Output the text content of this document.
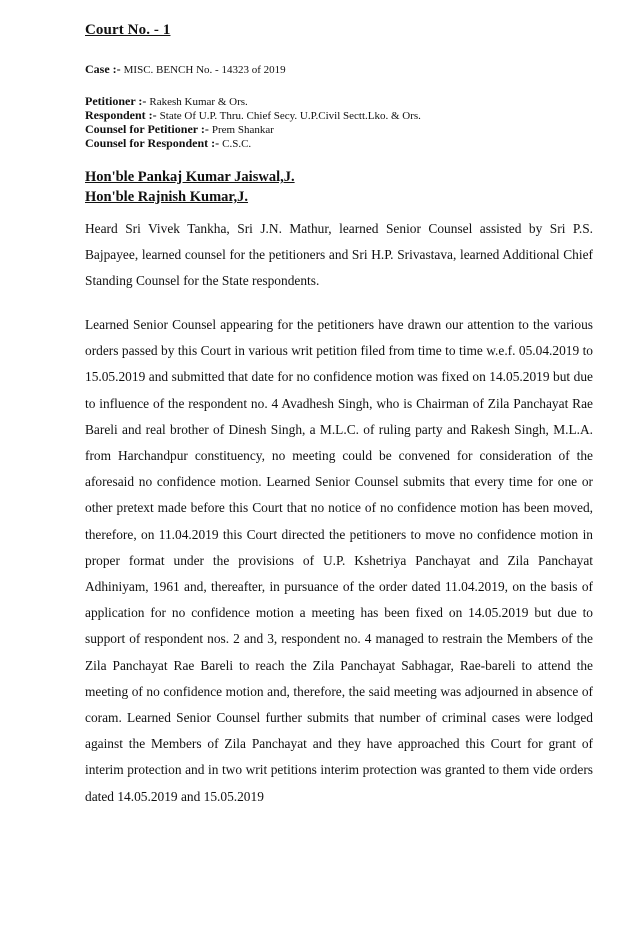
Court No. - 1
Case :- MISC. BENCH No. - 14323 of 2019
Petitioner :- Rakesh Kumar & Ors.
Respondent :- State Of U.P. Thru. Chief Secy. U.P.Civil Sectt.Lko. & Ors.
Counsel for Petitioner :- Prem Shankar
Counsel for Respondent :- C.S.C.
Hon'ble Pankaj Kumar Jaiswal,J.
Hon'ble Rajnish Kumar,J.

Heard Sri Vivek Tankha, Sri J.N. Mathur, learned Senior Counsel assisted by Sri P.S. Bajpayee, learned counsel for the petitioners and Sri H.P. Srivastava, learned Additional Chief Standing Counsel for the State respondents.

Learned Senior Counsel appearing for the petitioners have drawn our attention to the various orders passed by this Court in various writ petition filed from time to time w.e.f. 05.04.2019 to 15.05.2019 and submitted that date for no confidence motion was fixed on 14.05.2019 but due to influence of the respondent no. 4 Avadhesh Singh, who is Chairman of Zila Panchayat Rae Bareli and real brother of Dinesh Singh, a M.L.C. of ruling party and Rakesh Singh, M.L.A. from Harchandpur constituency, no meeting could be convened for consideration of the aforesaid no confidence motion. Learned Senior Counsel submits that every time for one or other pretext made before this Court that no notice of no confidence motion has been moved, therefore, on 11.04.2019 this Court directed the petitioners to move no confidence motion in proper format under the provisions of U.P. Kshetriya Panchayat and Zila Panchayat Adhiniyam, 1961 and, thereafter, in pursuance of the order dated 11.04.2019, on the basis of application for no confidence motion a meeting has been fixed on 14.05.2019 but due to support of respondent nos. 2 and 3, respondent no. 4 managed to restrain the Members of the Zila Panchayat Rae Bareli to reach the Zila Panchayat Sabhagar, Rae-bareli to attend the meeting of no confidence motion and, therefore, the said meeting was adjourned in absence of coram. Learned Senior Counsel further submits that number of criminal cases were lodged against the Members of Zila Panchayat and they have approached this Court for grant of interim protection and in two writ petitions interim protection was granted to them vide orders dated 14.05.2019 and 15.05.2019
